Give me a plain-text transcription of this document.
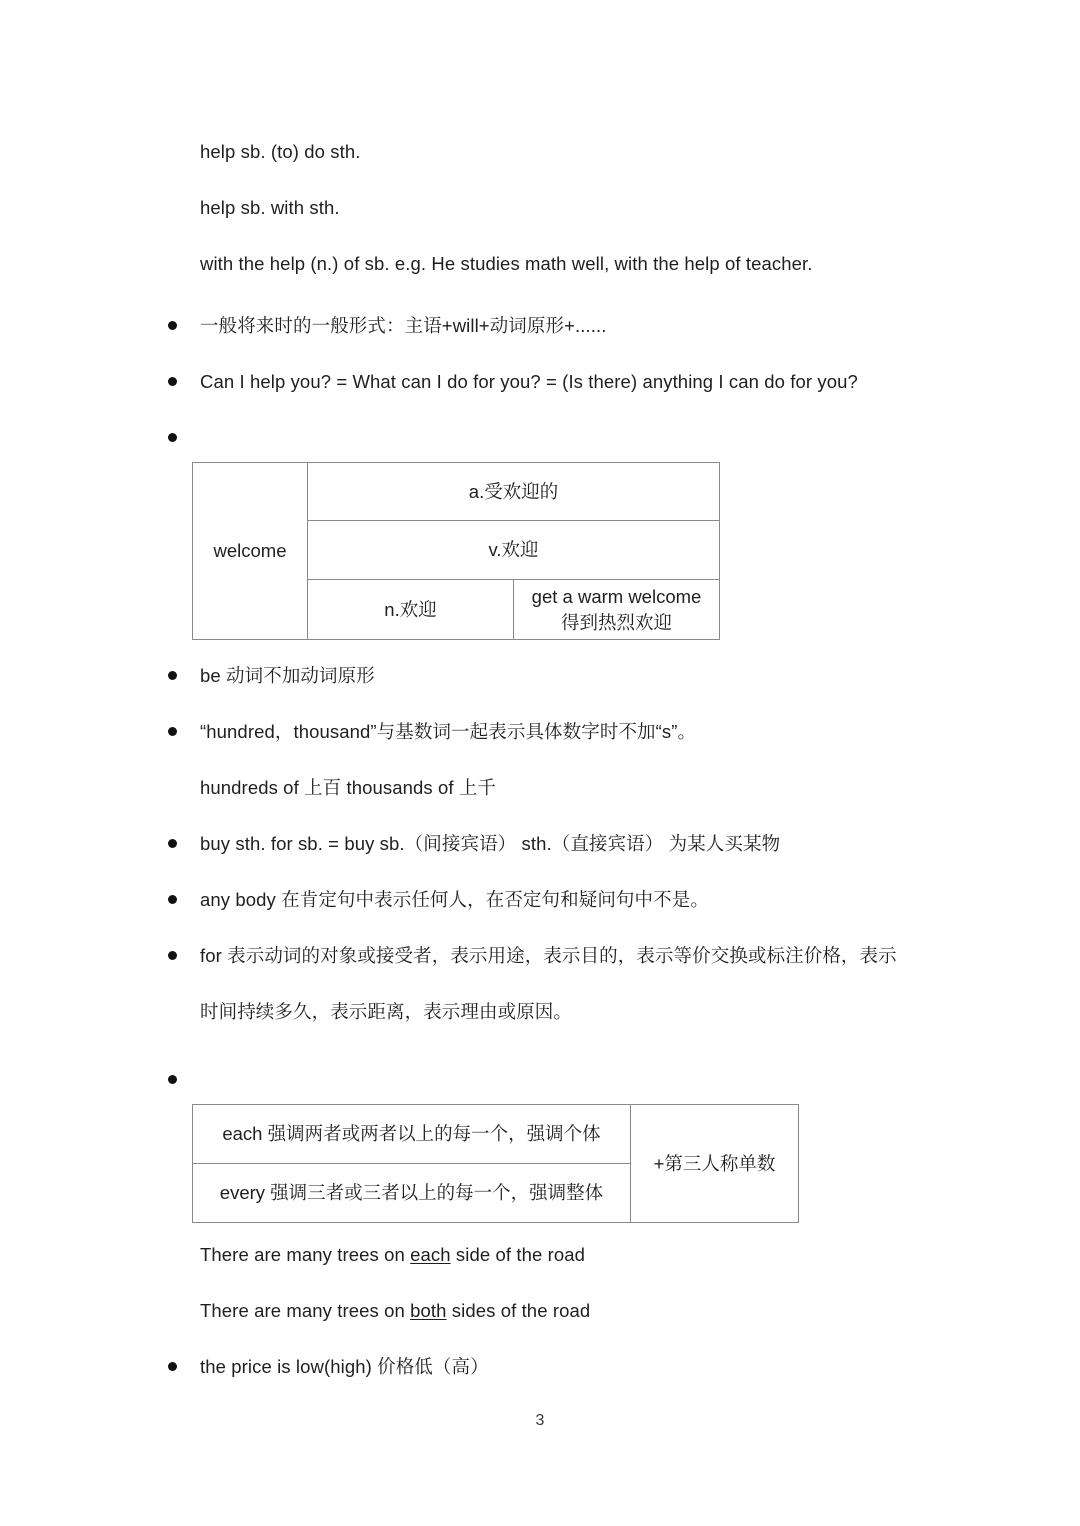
help sb. (to) do sth.
help sb. with sth.
with the help (n.) of sb. e.g. He studies math well, with the help of teacher.
一般将来时的一般形式：主语+will+动词原形+......
Can I help you? = What can I do for you? = (Is there) anything I can do for you?

welcome	a.受欢迎的	
	v.欢迎	
	n.欢迎	get a warm welcome 得到热烈欢迎
be 动词不加动词原形
“hundred，thousand”与基数词一起表示具体数字时不加“s”。
hundreds of 上百 thousands of 上千
buy sth. for sb. = buy sb.（间接宾语） sth.（直接宾语） 为某人买某物
any body 在肯定句中表示任何人，在否定句和疑问句中不是。
for 表示动词的对象或接受者，表示用途，表示目的，表示等价交换或标注价格，表示
时间持续多久，表示距离，表示理由或原因。

each 强调两者或两者以上的每一个，强调个体	+第三人称单数
every 强调三者或三者以上的每一个，强调整体
There are many trees on each side of the road
There are many trees on both sides of the road
the price is low(high) 价格低（高）
3
